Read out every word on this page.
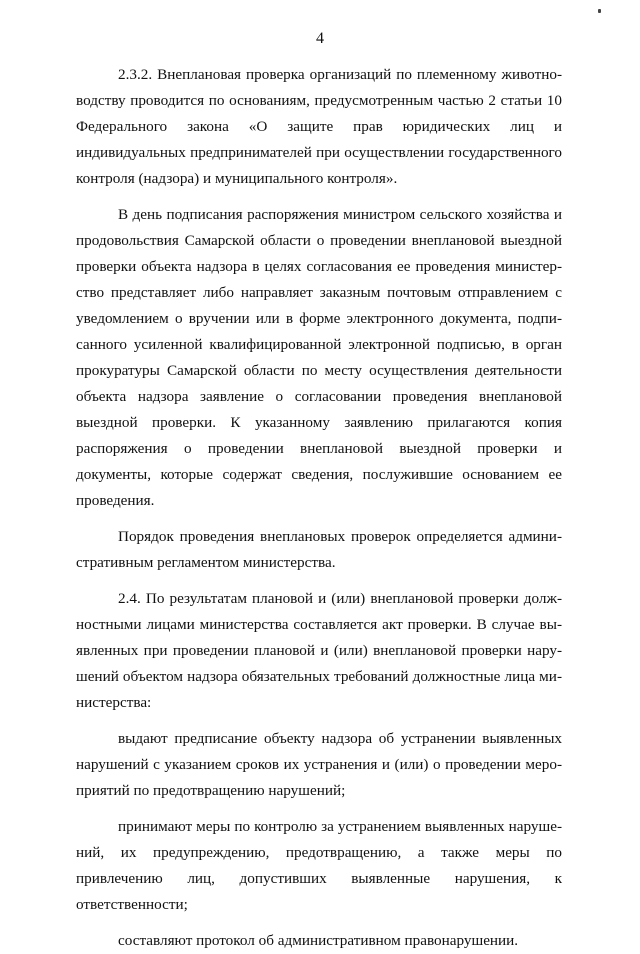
4

2.3.2. Внеплановая проверка организаций по племенному животноводству проводится по основаниям, предусмотренным частью 2 статьи 10 Федерального закона «О защите прав юридических лиц и индивидуальных предпринимателей при осуществлении государственного контроля (надзора) и муниципального контроля».

В день подписания распоряжения министром сельского хозяйства и продовольствия Самарской области о проведении внеплановой выездной проверки объекта надзора в целях согласования ее проведения министерство представляет либо направляет заказным почтовым отправлением с уведомлением о вручении или в форме электронного документа, подписанного усиленной квалифицированной электронной подписью, в орган прокуратуры Самарской области по месту осуществления деятельности объекта надзора заявление о согласовании проведения внеплановой выездной проверки. К указанному заявлению прилагаются копия распоряжения о проведении внеплановой выездной проверки и документы, которые содержат сведения, послужившие основанием ее проведения.

Порядок проведения внеплановых проверок определяется административным регламентом министерства.

2.4. По результатам плановой и (или) внеплановой проверки должностными лицами министерства составляется акт проверки. В случае выявленных при проведении плановой и (или) внеплановой проверки нарушений объектом надзора обязательных требований должностные лица министерства:

выдают предписание объекту надзора об устранении выявленных нарушений с указанием сроков их устранения и (или) о проведении мероприятий по предотвращению нарушений;

принимают меры по контролю за устранением выявленных нарушений, их предупреждению, предотвращению, а также меры по привлечению лиц, допустивших выявленные нарушения, к ответственности;

составляют протокол об административном правонарушении.
